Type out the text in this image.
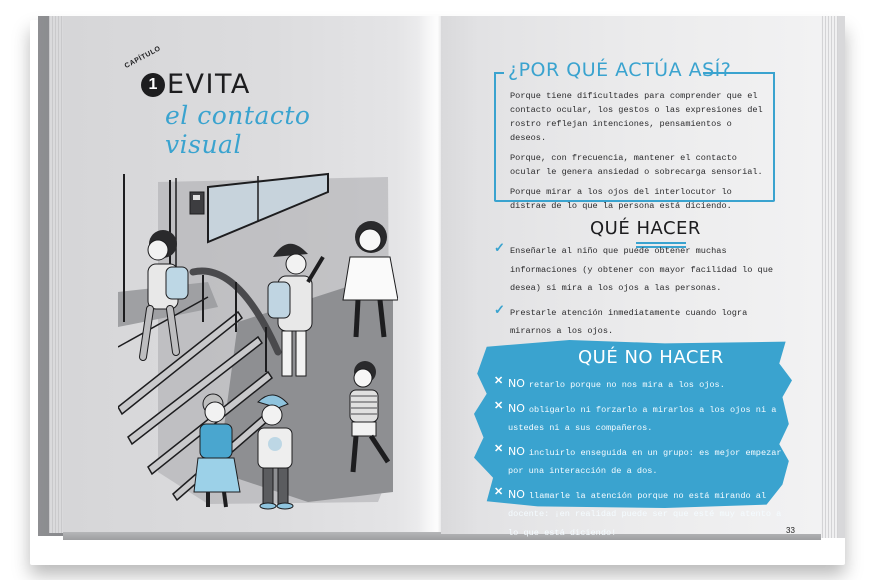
CAPÍTULO
1 EVITA
el contacto visual
¿POR QUÉ ACTÚA ASÍ?

Porque tiene dificultades para comprender que el contacto ocular, los gestos o las expresiones del rostro reflejan intenciones, pensamientos o deseos.

Porque, con frecuencia, mantener el contacto ocular le genera ansiedad o sobrecarga sensorial.

Porque mirar a los ojos del interlocutor lo distrae de lo que la persona está diciendo.

QUÉ HACER
✓ Enseñarle al niño que puede obtener muchas informaciones (y obtener con mayor facilidad lo que desea) si mira a los ojos a las personas.
✓ Prestarle atención inmediatamente cuando logra mirarnos a los ojos.
QUÉ NO HACER
✕ NO retarlo porque no nos mira a los ojos.
✕ NO obligarlo ni forzarlo a mirarlos a los ojos ni a ustedes ni a sus compañeros.
✕ NO incluirlo enseguida en un grupo: es mejor empezar por una interacción de a dos.
✕ NO llamarle la atención porque no está mirando al docente: ¡en realidad puede ser que esté muy atento a lo que está diciendo!	33
